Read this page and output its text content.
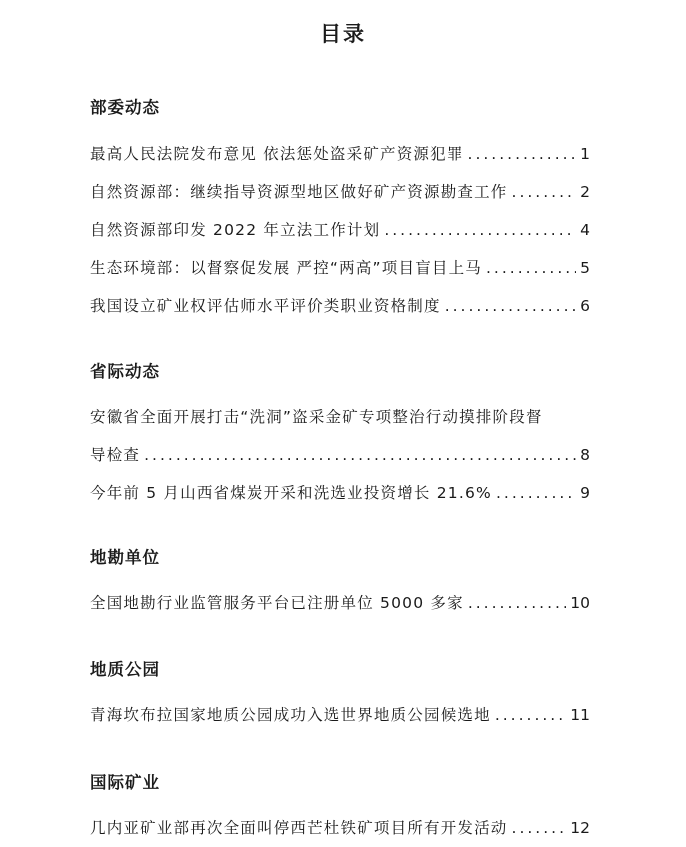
目录
部委动态
最高人民法院发布意见 依法惩处盗采矿产资源犯罪 .....	1
自然资源部：继续指导资源型地区做好矿产资源勘查工作 .....	2
自然资源部印发 2022 年立法工作计划 .....	4
生态环境部：以督察促发展 严控“两高”项目盲目上马 .....	5
我国设立矿业权评估师水平评价类职业资格制度 .....	6
省际动态
安徽省全面开展打击“洗洞”盗采金矿专项整治行动摸排阶段督
导检查 .....	8
今年前 5 月山西省煤炭开采和洗选业投资增长 21.6% .....	9
地勘单位
全国地勘行业监管服务平台已注册单位 5000 多家 .....	10
地质公园
青海坎布拉国家地质公园成功入选世界地质公园候选地 .....	11
国际矿业
几内亚矿业部再次全面叫停西芒杜铁矿项目所有开发活动 .....	12
